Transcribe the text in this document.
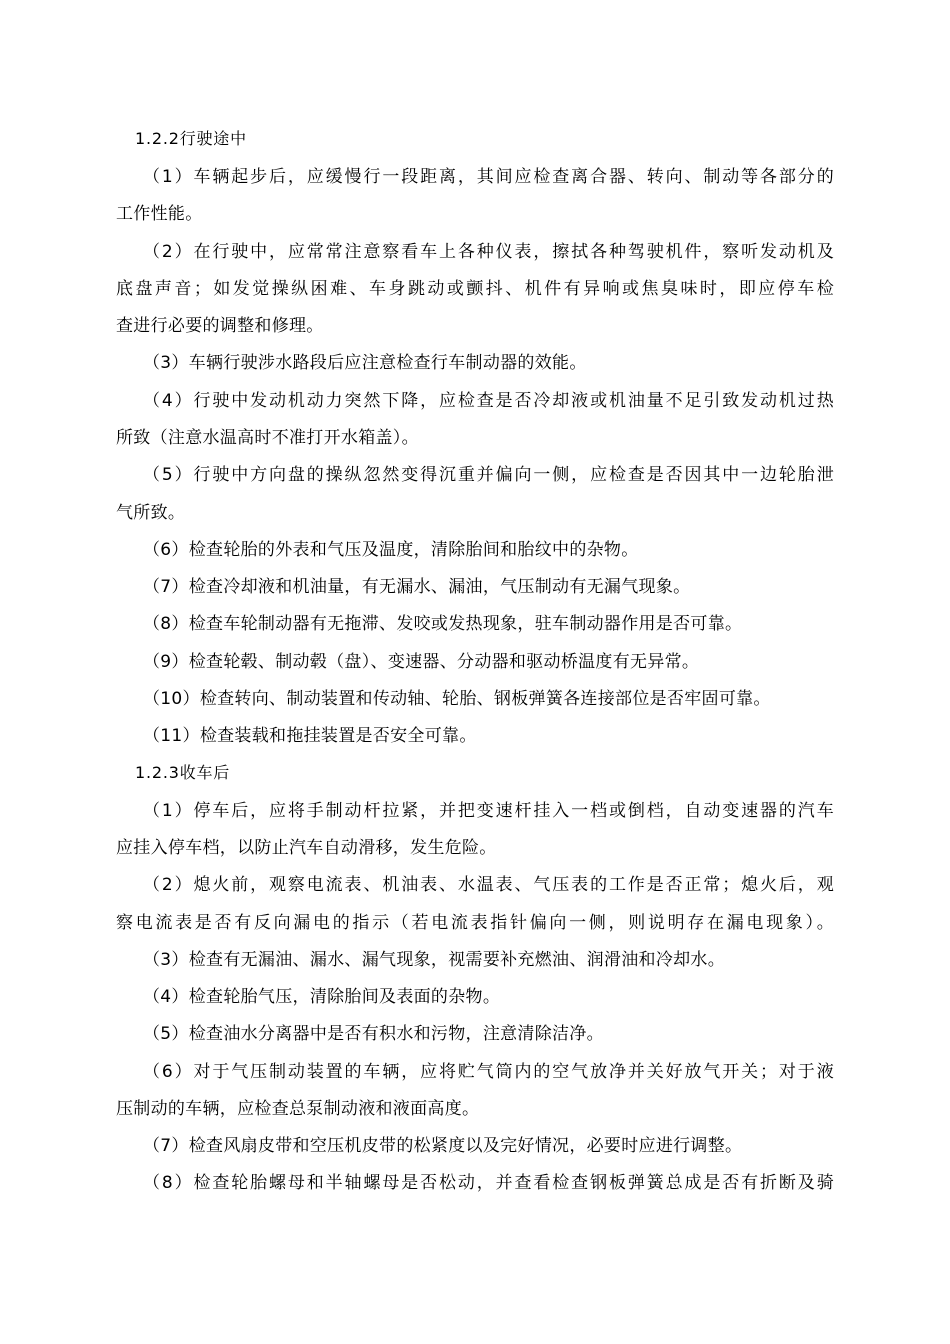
1.2.2行驶途中
（1）车辆起步后，应缓慢行一段距离，其间应检查离合器、转向、制动等各部分的
工作性能。
（2）在行驶中，应常常注意察看车上各种仪表，擦拭各种驾驶机件，察听发动机及
底盘声音；如发觉操纵困难、车身跳动或颤抖、机件有异响或焦臭味时，即应停车检
查进行必要的调整和修理。
（3）车辆行驶涉水路段后应注意检查行车制动器的效能。
（4）行驶中发动机动力突然下降，应检查是否冷却液或机油量不足引致发动机过热
所致（注意水温高时不准打开水箱盖）。
（5）行驶中方向盘的操纵忽然变得沉重并偏向一侧，应检查是否因其中一边轮胎泄
气所致。
（6）检查轮胎的外表和气压及温度，清除胎间和胎纹中的杂物。
（7）检查冷却液和机油量，有无漏水、漏油，气压制动有无漏气现象。
（8）检查车轮制动器有无拖滞、发咬或发热现象，驻车制动器作用是否可靠。
（9）检查轮毂、制动毂（盘）、变速器、分动器和驱动桥温度有无异常。
（10）检查转向、制动装置和传动轴、轮胎、钢板弹簧各连接部位是否牢固可靠。
（11）检查装载和拖挂装置是否安全可靠。
1.2.3收车后
（1）停车后，应将手制动杆拉紧，并把变速杆挂入一档或倒档，自动变速器的汽车
应挂入停车档，以防止汽车自动滑移，发生危险。
（2）熄火前，观察电流表、机油表、水温表、气压表的工作是否正常；熄火后，观
察电流表是否有反向漏电的指示（若电流表指针偏向一侧，则说明存在漏电现象）。
（3）检查有无漏油、漏水、漏气现象，视需要补充燃油、润滑油和冷却水。
（4）检查轮胎气压，清除胎间及表面的杂物。
（5）检查油水分离器中是否有积水和污物，注意清除洁净。
（6）对于气压制动装置的车辆，应将贮气筒内的空气放净并关好放气开关；对于液
压制动的车辆，应检查总泵制动液和液面高度。
（7）检查风扇皮带和空压机皮带的松紧度以及完好情况，必要时应进行调整。
（8）检查轮胎螺母和半轴螺母是否松动，并查看检查钢板弹簧总成是否有折断及骑
